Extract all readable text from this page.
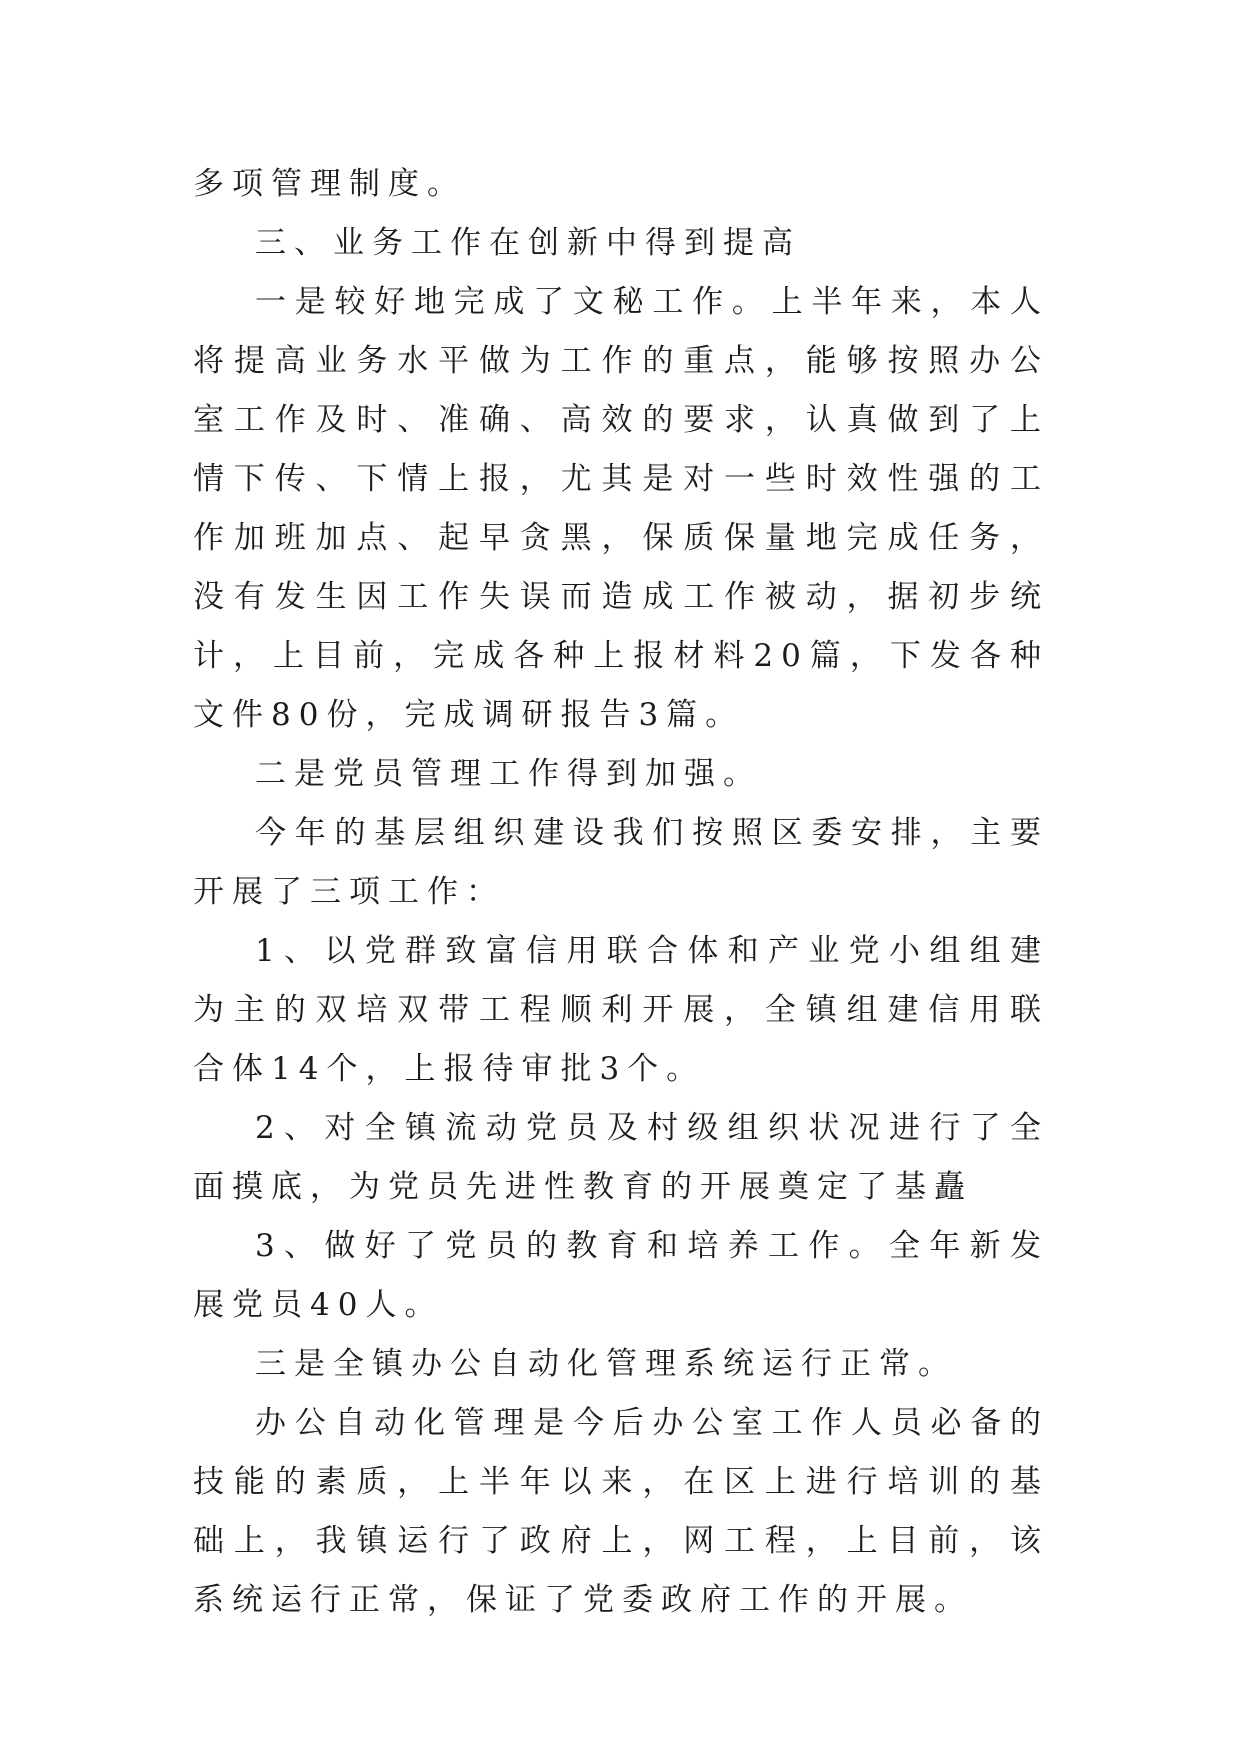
多项管理制度。

三、业务工作在创新中得到提高

一是较好地完成了文秘工作。上半年来，本人将提高业务水平做为工作的重点，能够按照办公室工作及时、准确、高效的要求，认真做到了上情下传、下情上报，尤其是对一些时效性强的工作加班加点、起早贪黑，保质保量地完成任务，没有发生因工作失误而造成工作被动，据初步统计，上目前，完成各种上报材料20篇，下发各种文件80份，完成调研报告3篇。

二是党员管理工作得到加强。

今年的基层组织建设我们按照区委安排，主要开展了三项工作：

1、以党群致富信用联合体和产业党小组组建为主的双培双带工程顺利开展，全镇组建信用联合体14个，上报待审批3个。

2、对全镇流动党员及村级组织状况进行了全面摸底，为党员先进性教育的开展奠定了基矗

3、做好了党员的教育和培养工作。全年新发展党员40人。

三是全镇办公自动化管理系统运行正常。

办公自动化管理是今后办公室工作人员必备的技能的素质，上半年以来，在区上进行培训的基础上，我镇运行了政府上，网工程，上目前，该系统运行正常，保证了党委政府工作的开展。
